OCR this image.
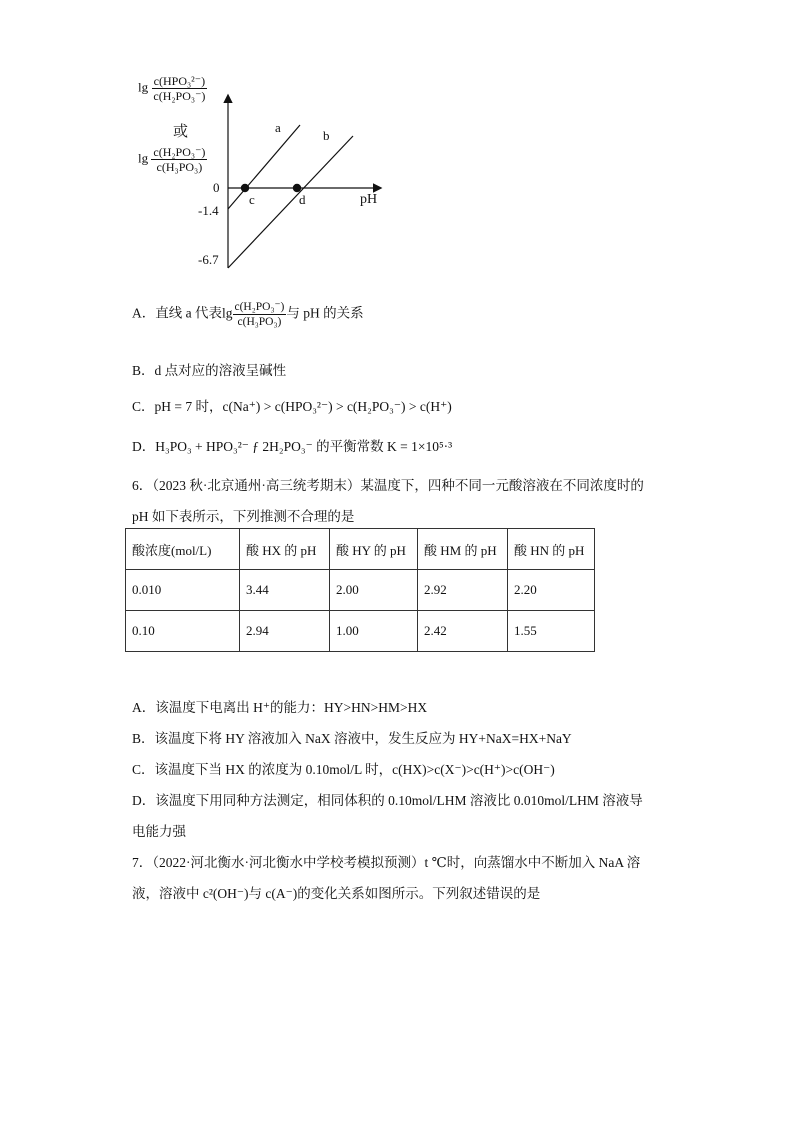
$\lg \frac{\text{c(HPO₃²⁻)}}{\text{c(H₂PO₃⁻)}}$
或
$\lg \frac{\text{c(H₂PO₃⁻)}}{\text{c(H₃PO₃)}}$
0
-1.4
-6.7
a
b
c	d	pH
A．直线 a 代表$\lg \frac{\text{c(H₂PO₃⁻)}}{\text{c(H₃PO₃)}}$ 与 pH 的关系
B．d 点对应的溶液呈碱性
C．pH = 7 时，c(Na⁺) > c(HPO₃²⁻) > c(H₂PO₃⁻) > c(H⁺)
D．H₃PO₃ + HPO₃²⁻ ƒ 2H₂PO₃⁻ 的平衡常数 K = 1×10⁵·³
6．（2023 秋·北京通州·高三统考期末）某温度下，四种不同一元酸溶液在不同浓度时的
pH 如下表所示，下列推测不合理的是
酸浓度(mol/L)	酸 HX 的 pH	酸 HY 的 pH	酸 HM 的 pH	酸 HN 的 pH
0.010	3.44	2.00	2.92	2.20
0.10	2.94	1.00	2.42	1.55
A．该温度下电离出 H⁺的能力：HY>HN>HM>HX
B．该温度下将 HY 溶液加入 NaX 溶液中，发生反应为 HY+NaX=HX+NaY
C．该温度下当 HX 的浓度为 0.10mol/L 时，c(HX)>c(X⁻)>c(H⁺)>c(OH⁻)
D．该温度下用同种方法测定，相同体积的 0.10mol/LHM 溶液比 0.010mol/LHM 溶液导
电能力强
7．（2022·河北衡水·河北衡水中学校考模拟预测）t ℃时，向蒸馏水中不断加入 NaA 溶
液，溶液中 c²(OH⁻)与 c(A⁻)的变化关系如图所示。下列叙述错误的是
